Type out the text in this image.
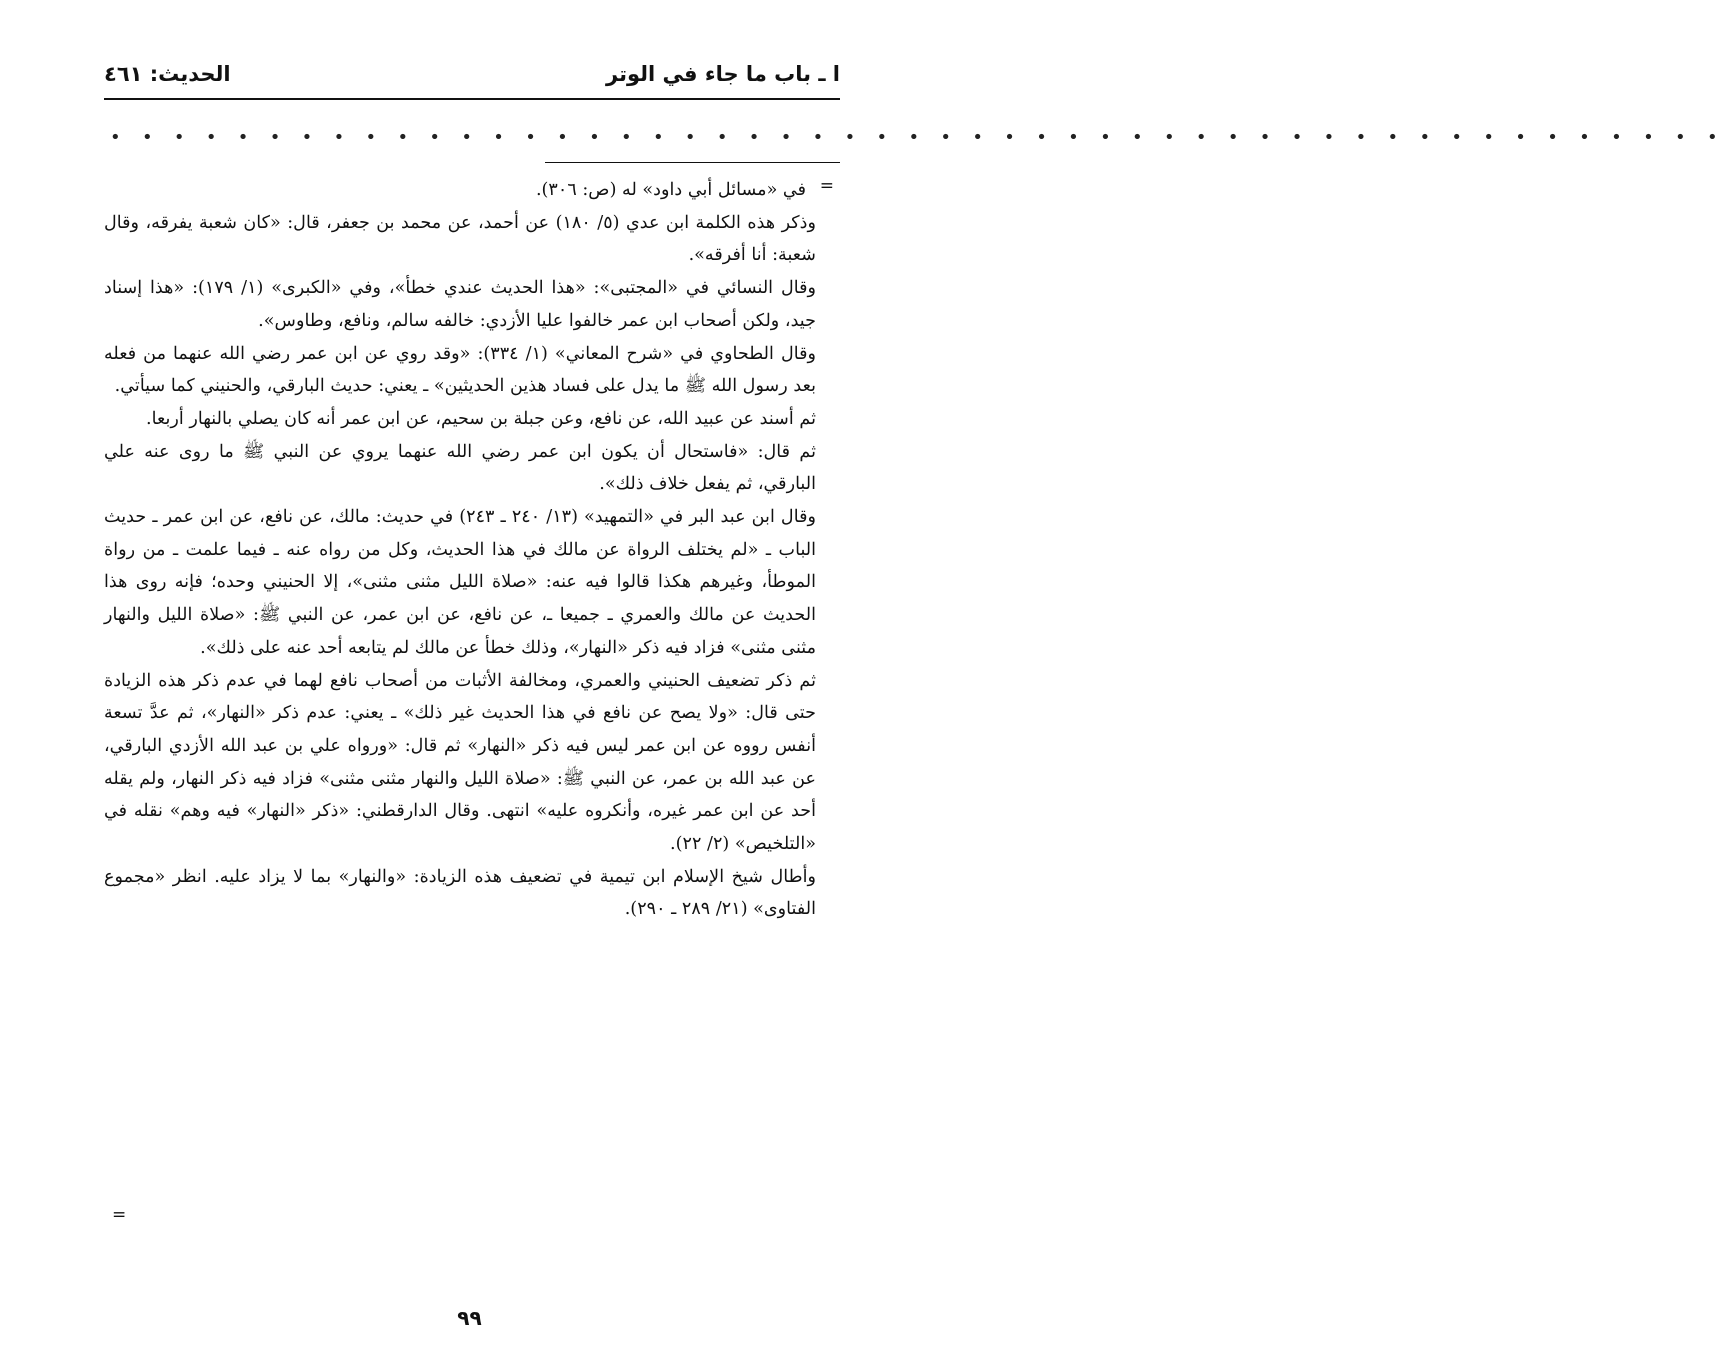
ا ـ باب ما جاء في الوتر
الحديث: ٤٦١
• • • • • • • • • • • • • • • • • • • • • • • • • • • • • • • • • • • • • • • • • • • • • • • • • • •
=

في «مسائل أبي داود» له (ص: ٣٠٦).

وذكر هذه الكلمة ابن عدي (٥/ ١٨٠) عن أحمد، عن محمد بن جعفر، قال: «كان شعبة يفرقه، وقال شعبة: أنا أفرقه».

وقال النسائي في «المجتبى»: «هذا الحديث عندي خطأ»، وفي «الكبرى» (١/ ١٧٩): «هذا إسناد جيد، ولكن أصحاب ابن عمر خالفوا عليا الأزدي: خالفه سالم، ونافع، وطاوس».

وقال الطحاوي في «شرح المعاني» (١/ ٣٣٤): «وقد روي عن ابن عمر رضي الله عنهما من فعله بعد رسول الله ﷺ ما يدل على فساد هذين الحديثين» ـ يعني: حديث البارقي، والحنيني كما سيأتي.

ثم أسند عن عبيد الله، عن نافع، وعن جبلة بن سحيم، عن ابن عمر أنه كان يصلي بالنهار أربعا.

ثم قال: «فاستحال أن يكون ابن عمر رضي الله عنهما يروي عن النبي ﷺ ما روى عنه علي البارقي، ثم يفعل خلاف ذلك».

وقال ابن عبد البر في «التمهيد» (١٣/ ٢٤٠ ـ ٢٤٣) في حديث: مالك، عن نافع، عن ابن عمر ـ حديث الباب ـ «لم يختلف الرواة عن مالك في هذا الحديث، وكل من رواه عنه ـ فيما علمت ـ من رواة الموطأ، وغيرهم هكذا قالوا فيه عنه: «صلاة الليل مثنى مثنى»، إلا الحنيني وحده؛ فإنه روى هذا الحديث عن مالك والعمري ـ جميعا ـ، عن نافع، عن ابن عمر، عن النبي ﷺ: «صلاة الليل والنهار مثنى مثنى» فزاد فيه ذكر «النهار»، وذلك خطأ عن مالك لم يتابعه أحد عنه على ذلك».

ثم ذكر تضعيف الحنيني والعمري، ومخالفة الأثبات من أصحاب نافع لهما في عدم ذكر هذه الزيادة حتى قال: «ولا يصح عن نافع في هذا الحديث غير ذلك» ـ يعني: عدم ذكر «النهار»، ثم عدَّ تسعة أنفس رووه عن ابن عمر ليس فيه ذكر «النهار» ثم قال: «ورواه علي بن عبد الله الأزدي البارقي، عن عبد الله بن عمر، عن النبي ﷺ: «صلاة الليل والنهار مثنى مثنى» فزاد فيه ذكر النهار، ولم يقله أحد عن ابن عمر غيره، وأنكروه عليه» انتهى. وقال الدارقطني: «ذكر «النهار» فيه وهم» نقله في «التلخيص» (٢/ ٢٢).

وأطال شيخ الإسلام ابن تيمية في تضعيف هذه الزيادة: «والنهار» بما لا يزاد عليه. انظر «مجموع الفتاوى» (٢١/ ٢٨٩ ـ ٢٩٠).

=
٩٩
